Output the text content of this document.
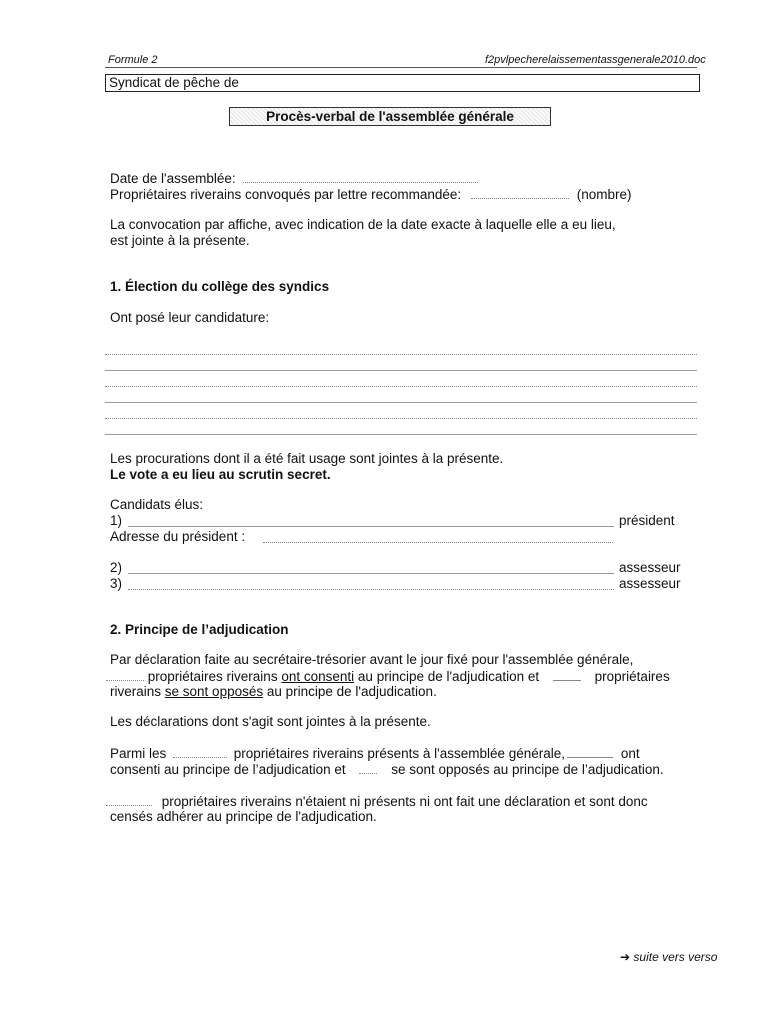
Formule 2	f2pvlpecherelaissementassgenerale2010.doc
Syndicat de pêche de
Procès-verbal de l'assemblée générale
Date de l'assemblée:
Propriétaires riverains convoqués par lettre recommandée:	(nombre)
La convocation par affiche, avec indication de la date exacte à laquelle elle a eu lieu,
est jointe à la présente.
1. Élection du collège des syndics
Ont posé leur candidature:
Les procurations dont il a été fait usage sont jointes à la présente.
Le vote a eu lieu au scrutin secret.
Candidats élus:
1)	président
Adresse du président :
2)	assesseur
3)	assesseur
2. Principe de l’adjudication
Par déclaration faite au secrétaire-trésorier avant le jour fixé pour l'assemblée générale,
propriétaires riverains ont consenti au principe de l'adjudication et	propriétaires
riverains se sont opposés au principe de l'adjudication.
Les déclarations dont s'agit sont jointes à la présente.
Parmi les	propriétaires riverains présents à l'assemblée générale,	ont
consenti au principe de l’adjudication et	se sont opposés au principe de l’adjudication.
propriétaires riverains n'étaient ni présents ni ont fait une déclaration et sont donc
censés adhérer au principe de l'adjudication.
➔ suite vers verso
